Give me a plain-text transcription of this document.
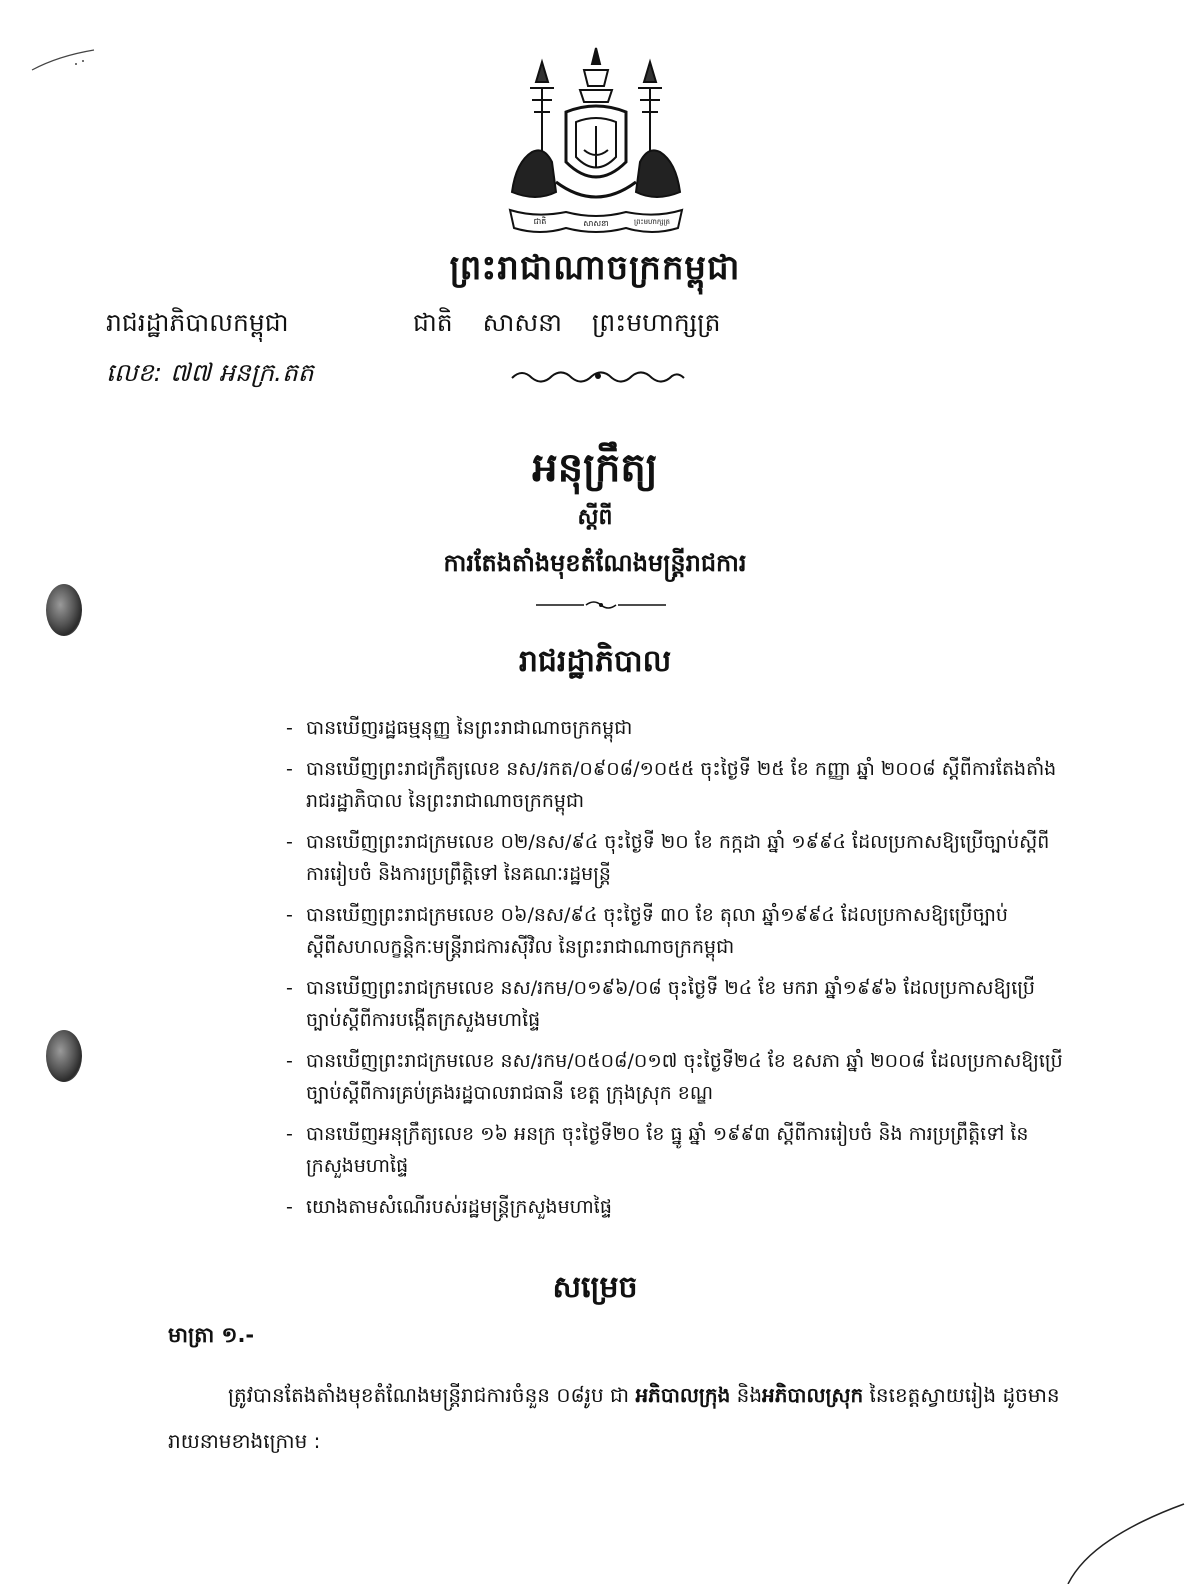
ជាតិ	សាសនា	ព្រះមហាក្សត្រ
ព្រះរាជាណាចក្រកម្ពុជា
រាជរដ្ឋាភិបាលកម្ពុជា	ជាតិ សាសនា ព្រះមហាក្សត្រ
លេខ: ៧៧ អនក្រ.តត
អនុក្រឹត្យ
ស្តីពី
ការតែងតាំងមុខតំណែងមន្ត្រីរាជការ
រាជរដ្ឋាភិបាល
- បានឃើញរដ្ឋធម្មនុញ្ញ នៃព្រះរាជាណាចក្រកម្ពុជា
- បានឃើញព្រះរាជក្រឹត្យលេខ នស/រកត/០៩០៨/១០៥៥ ចុះថ្ងៃទី ២៥ ខែ កញ្ញា ឆ្នាំ ២០០៨ ស្តីពីការតែងតាំងរាជរដ្ឋាភិបាល នៃព្រះរាជាណាចក្រកម្ពុជា
- បានឃើញព្រះរាជក្រមលេខ ០២/នស/៩៤ ចុះថ្ងៃទី ២០ ខែ កក្កដា ឆ្នាំ ១៩៩៤ ដែលប្រកាសឱ្យប្រើច្បាប់ស្តីពីការរៀបចំ និងការប្រព្រឹត្តិទៅ នៃគណៈរដ្ឋមន្ត្រី
- បានឃើញព្រះរាជក្រមលេខ ០៦/នស/៩៤ ចុះថ្ងៃទី ៣០ ខែ តុលា ឆ្នាំ១៩៩៤ ដែលប្រកាសឱ្យប្រើច្បាប់ស្តីពីសហលក្ខន្តិកៈមន្ត្រីរាជការស៊ីវិល នៃព្រះរាជាណាចក្រកម្ពុជា
- បានឃើញព្រះរាជក្រមលេខ នស/រកម/០១៩៦/០៨ ចុះថ្ងៃទី ២៤ ខែ មករា ឆ្នាំ១៩៩៦ ដែលប្រកាសឱ្យប្រើច្បាប់ស្តីពីការបង្កើតក្រសួងមហាផ្ទៃ
- បានឃើញព្រះរាជក្រមលេខ នស/រកម/០៥០៨/០១៧ ចុះថ្ងៃទី២៤ ខែ ឧសភា ឆ្នាំ ២០០៨ ដែលប្រកាសឱ្យប្រើច្បាប់ស្តីពីការគ្រប់គ្រងរដ្ឋបាលរាជធានី ខេត្ត ក្រុងស្រុក ខណ្ឌ
- បានឃើញអនុក្រឹត្យលេខ ១៦ អនក្រ ចុះថ្ងៃទី២០ ខែ ធ្នូ ឆ្នាំ ១៩៩៣ ស្តីពីការរៀបចំ និង ការប្រព្រឹត្តិទៅ នៃក្រសួងមហាផ្ទៃ
- យោងតាមសំណើរបស់រដ្ឋមន្ត្រីក្រសួងមហាផ្ទៃ
សម្រេច
មាត្រា ១.-

ត្រូវបានតែងតាំងមុខតំណែងមន្ត្រីរាជការចំនួន ០៨រូប ជា អភិបាលក្រុង និងអភិបាលស្រុក នៃខេត្តស្វាយរៀង ដូចមានរាយនាមខាងក្រោម :
